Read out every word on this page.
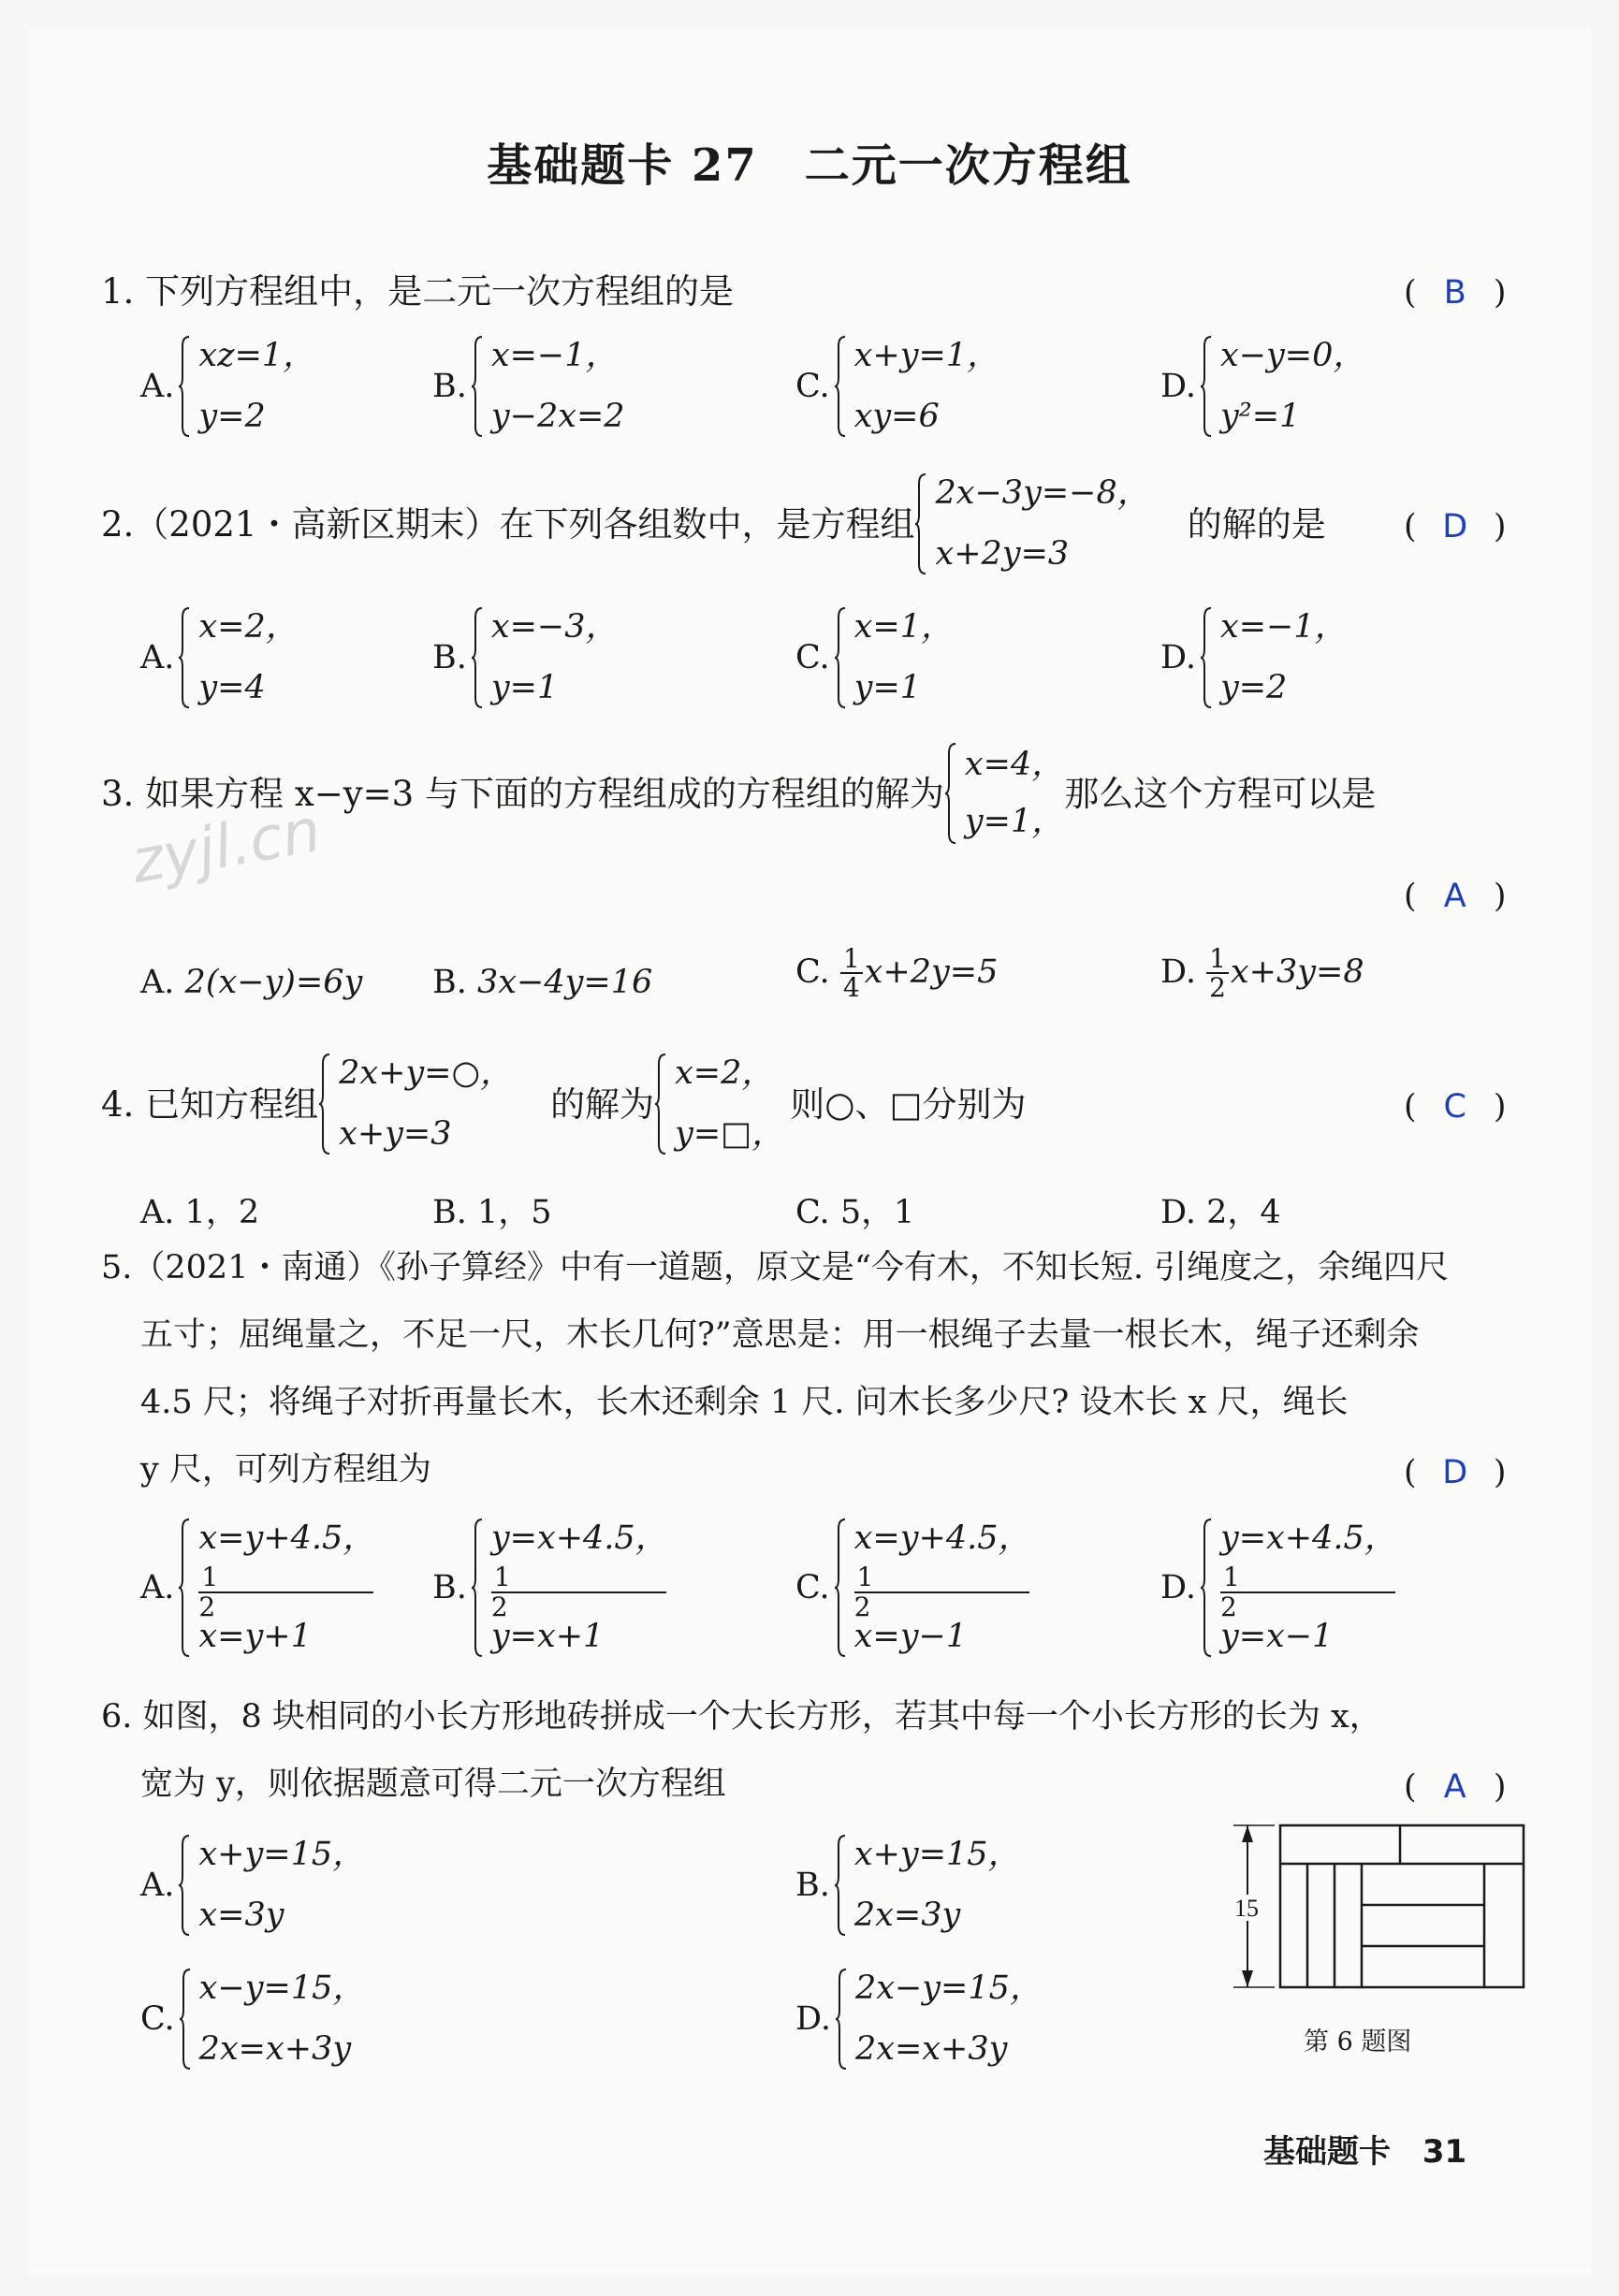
基础题卡 27　二元一次方程组
zyjl.cn
1. 下列方程组中，是二元一次方程组的是	( B )
A.
xz=1，
y=2
B.
x=−1，
y−2x=2
C.
x+y=1，
xy=6
D.
x−y=0，
y²=1
2.（2021・高新区期末）在下列各组数中，是方程组
2x−3y=−8，
x+2y=3
的解的是 ( D )
A.
x=2，
y=4
B.
x=−3，
y=1
C.
x=1，
y=1
D.
x=−1，
y=2
3. 如果方程 x−y=3 与下面的方程组成的方程组的解为
x=4，
y=1，
那么这个方程可以是
( A )
A. 2(x−y)=6y B. 3x−4y=16	C. $\frac{1}{4} x+2y=5$	D. $\frac{1}{2} x+3y=8$
4. 已知方程组
2x+y=○，
x+y=3
的解为
x=2，
y=□，
则○、□分别为	( C )
A. 1，2	B. 1，5	C. 5，1	D. 2，4
5.（2021・南通）《孙子算经》中有一道题，原文是“今有木，不知长短. 引绳度之，余绳四尺
五寸；屈绳量之，不足一尺，木长几何?”意思是：用一根绳子去量一根长木，绳子还剩余
4.5 尺；将绳子对折再量长木，长木还剩余 1 尺. 问木长多少尺? 设木长 x 尺，绳长
y 尺，可列方程组为	( D )
A.
x=y+4.5，
1
2
x=y+1
B.
y=x+4.5，
1
2
y=x+1
C.
x=y+4.5，
1
2
x=y−1
D.
y=x+4.5，
1
2
y=x−1
6. 如图，8 块相同的小长方形地砖拼成一个大长方形，若其中每一个小长方形的长为 x，
宽为 y，则依据题意可得二元一次方程组	( A )
A.
x+y=15，
x=3y
B.
x+y=15，
2x=3y
C.
x−y=15，
2x=x+3y
D.
2x−y=15，
2x=x+3y
15
第 6 题图
基础题卡 31
